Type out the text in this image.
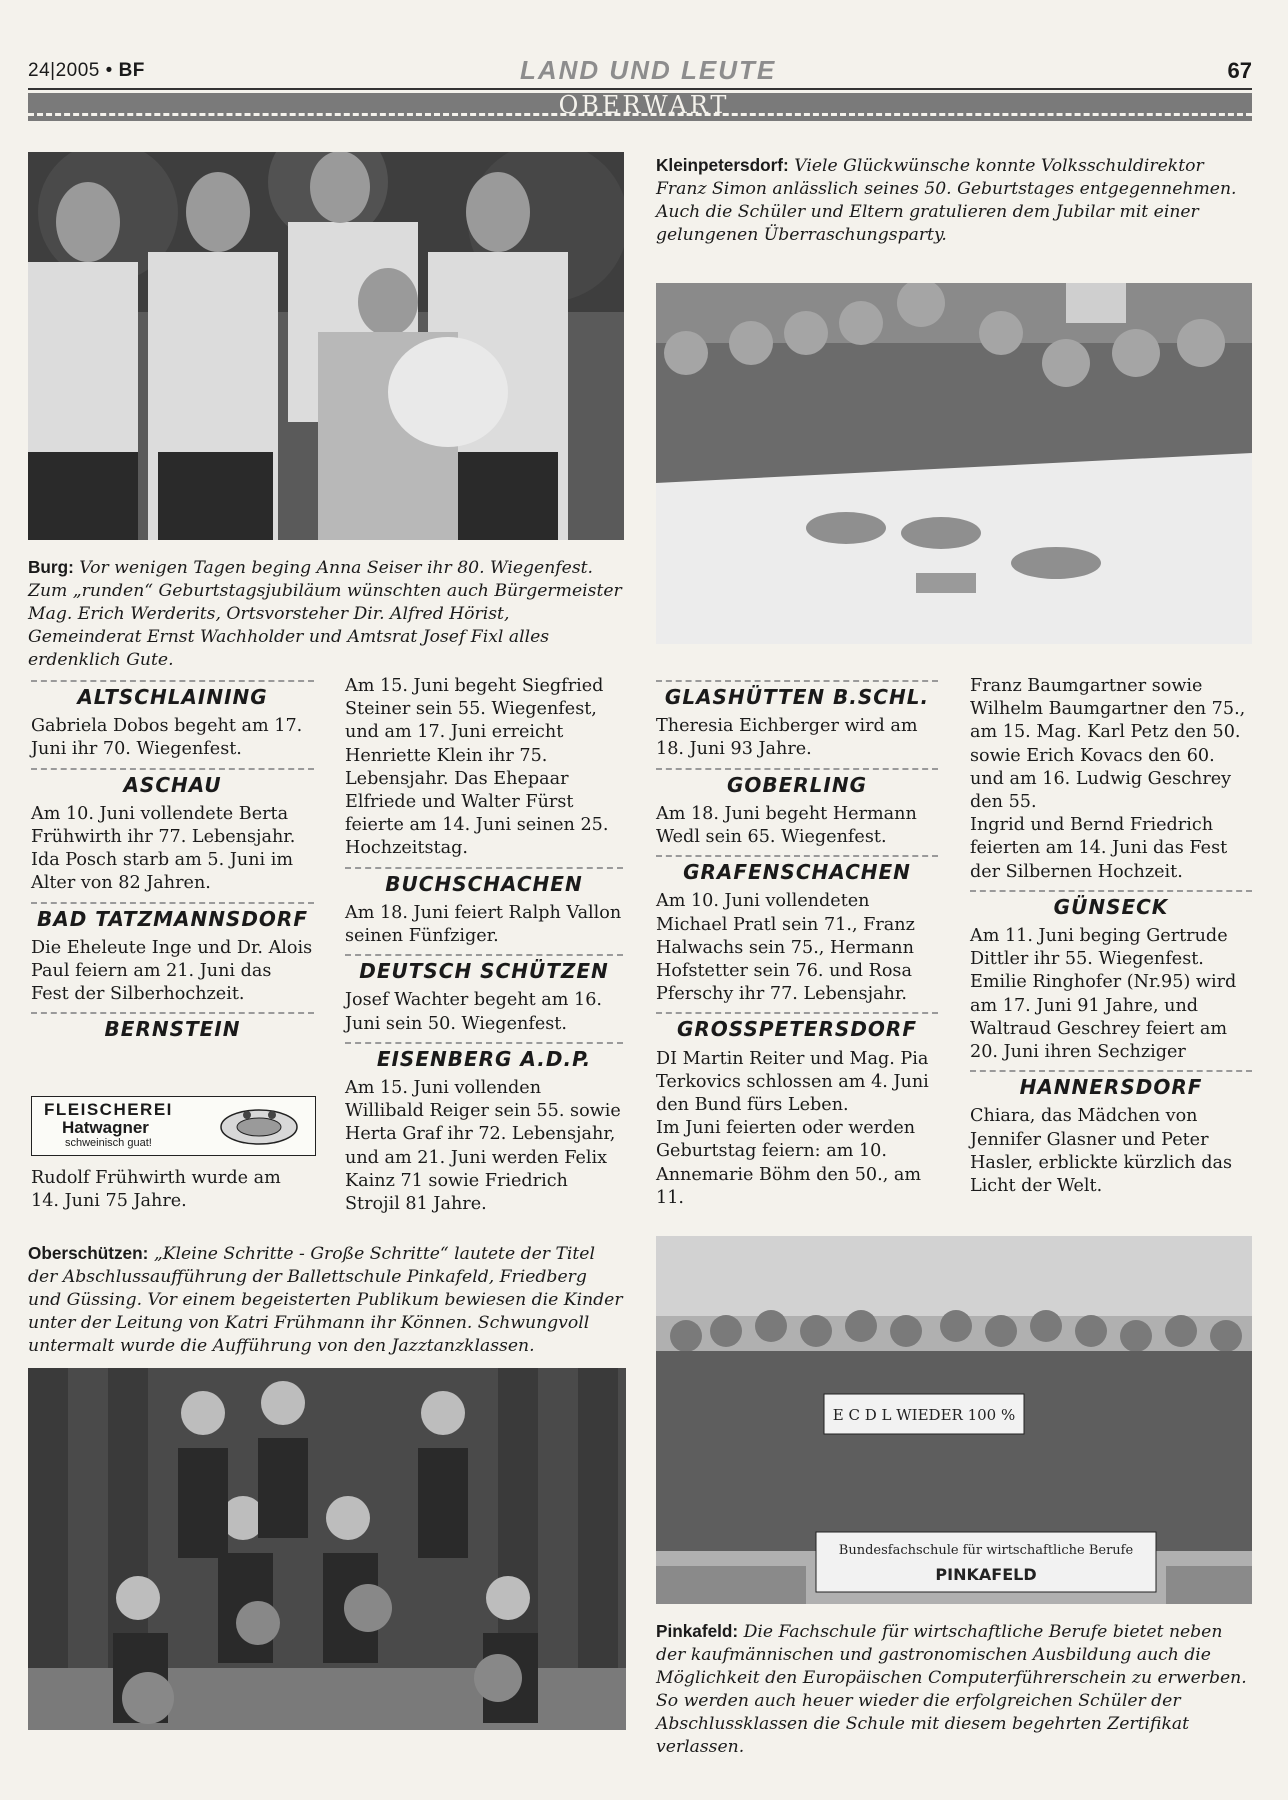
24|2005 • BF	LAND UND LEUTE	67
OBERWART
Kleinpetersdorf: Viele Glückwünsche konnte Volksschuldirektor Franz Simon anlässlich seines 50. Geburtstages entgegennehmen. Auch die Schüler und Eltern gratulieren dem Jubilar mit einer gelungenen Überraschungsparty.
Burg: Vor wenigen Tagen beging Anna Seiser ihr 80. Wiegenfest. Zum „runden“ Geburtstagsjubiläum wünschten auch Bürgermeister Mag. Erich Werderits, Ortsvorsteher Dir. Alfred Hörist, Gemeinderat Ernst Wachholder und Amtsrat Josef Fixl alles erdenklich Gute.
ALTSCHLAINING

Gabriela Dobos begeht am 17. Juni ihr 70. Wiegenfest.

ASCHAU

Am 10. Juni vollendete Berta Frühwirth ihr 77. Lebensjahr. Ida Posch starb am 5. Juni im Alter von 82 Jahren.

BAD TATZMANNSDORF

Die Eheleute Inge und Dr. Alois Paul feiern am 21. Juni das Fest der Silberhochzeit.

BERNSTEIN
FLEISCHEREI
Hatwagner
schweinisch guat!

Rudolf Frühwirth wurde am 14. Juni 75 Jahre.

Am 15. Juni begeht Siegfried Steiner sein 55. Wiegenfest, und am 17. Juni erreicht Henriette Klein ihr 75. Lebensjahr. Das Ehepaar Elfriede und Walter Fürst feierte am 14. Juni seinen 25. Hochzeitstag.

BUCHSCHACHEN

Am 18. Juni feiert Ralph Vallon seinen Fünfziger.

DEUTSCH SCHÜTZEN

Josef Wachter begeht am 16. Juni sein 50. Wiegenfest.

EISENBERG A.D.P.

Am 15. Juni vollenden Willibald Reiger sein 55. sowie Herta Graf ihr 72. Lebensjahr, und am 21. Juni werden Felix Kainz 71 sowie Friedrich Strojil 81 Jahre.

GLASHÜTTEN B.SCHL.

Theresia Eichberger wird am 18. Juni 93 Jahre.

GOBERLING

Am 18. Juni begeht Hermann Wedl sein 65. Wiegenfest.

GRAFENSCHACHEN

Am 10. Juni vollendeten Michael Pratl sein 71., Franz Halwachs sein 75., Hermann Hofstetter sein 76. und Rosa Pferschy ihr 77. Lebensjahr.

GROSSPETERSDORF

DI Martin Reiter und Mag. Pia Terkovics schlossen am 4. Juni den Bund fürs Leben.

Im Juni feierten oder werden Geburtstag feiern: am 10. Annemarie Böhm den 50., am 11.

Franz Baumgartner sowie Wilhelm Baumgartner den 75., am 15. Mag. Karl Petz den 50. sowie Erich Kovacs den 60. und am 16. Ludwig Geschrey den 55.

Ingrid und Bernd Friedrich feierten am 14. Juni das Fest der Silbernen Hochzeit.

GÜNSECK

Am 11. Juni beging Gertrude Dittler ihr 55. Wiegenfest. Emilie Ringhofer (Nr.95) wird am 17. Juni 91 Jahre, und Waltraud Geschrey feiert am 20. Juni ihren Sechziger

HANNERSDORF

Chiara, das Mädchen von Jennifer Glasner und Peter Hasler, erblickte kürzlich das Licht der Welt.

Oberschützen: „Kleine Schritte - Große Schritte“ lautete der Titel der Abschlussaufführung der Ballettschule Pinkafeld, Friedberg und Güssing. Vor einem begeisterten Publikum bewiesen die Kinder unter der Leitung von Katri Frühmann ihr Können. Schwungvoll untermalt wurde die Aufführung von den Jazztanzklassen.
E C D L WIEDER 100 %
Bundesfachschule für wirtschaftliche Berufe
PINKAFELD
Pinkafeld: Die Fachschule für wirtschaftliche Berufe bietet neben der kaufmännischen und gastronomischen Ausbildung auch die Möglichkeit den Europäischen Computerführerschein zu erwerben. So werden auch heuer wieder die erfolgreichen Schüler der Abschlussklassen die Schule mit diesem begehrten Zertifikat verlassen.
